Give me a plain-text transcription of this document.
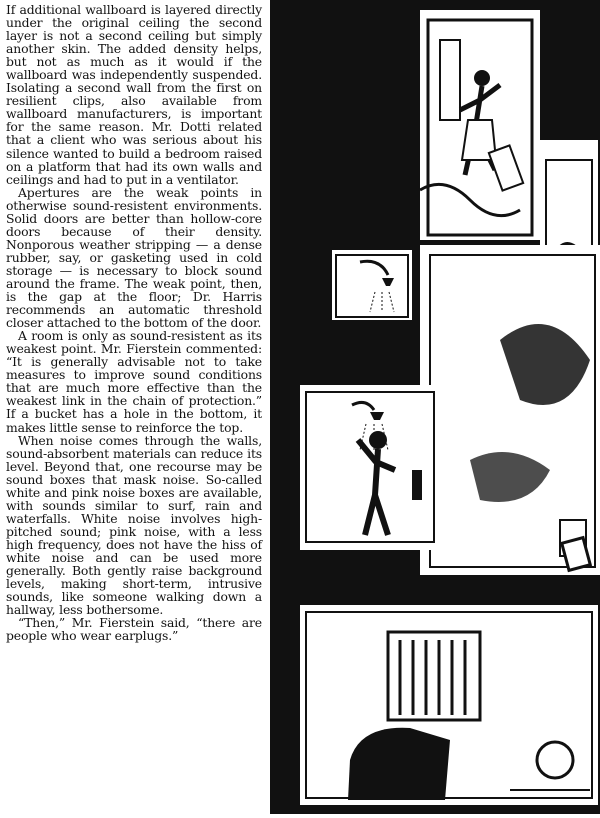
If additional wallboard is layered directly under the original ceiling the second layer is not a second ceiling but simply another skin. The added density helps, but not as much as it would if the wallboard was independently suspended. Isolating a second wall from the first on resilient clips, also available from wallboard manufacturers, is important for the same reason. Mr. Dotti related that a client who was serious about his silence wanted to build a bedroom raised on a platform that had its own walls and ceilings and had to put in a ventilator.

Apertures are the weak points in otherwise sound-resistent environments. Solid doors are better than hollow-core doors because of their density. Nonporous weather stripping — a dense rubber, say, or gasketing used in cold storage — is necessary to block sound around the frame. The weak point, then, is the gap at the floor; Dr. Harris recommends an automatic threshold closer attached to the bottom of the door.

A room is only as sound-resistent as its weakest point. Mr. Fierstein commented: “It is generally advisable not to take measures to improve sound conditions that are much more effective than the weakest link in the chain of protection.” If a bucket has a hole in the bottom, it makes little sense to reinforce the top.

When noise comes through the walls, sound-absorbent materials can reduce its level. Beyond that, one recourse may be sound boxes that mask noise. So-called white and pink noise boxes are available, with sounds similar to surf, rain and waterfalls. White noise involves high-pitched sound; pink noise, with a less high frequency, does not have the hiss of white noise and can be used more generally. Both gently raise background levels, making short-term, intrusive sounds, like someone walking down a hallway, less bothersome.

“Then,” Mr. Fierstein said, “there are people who wear earplugs.”
